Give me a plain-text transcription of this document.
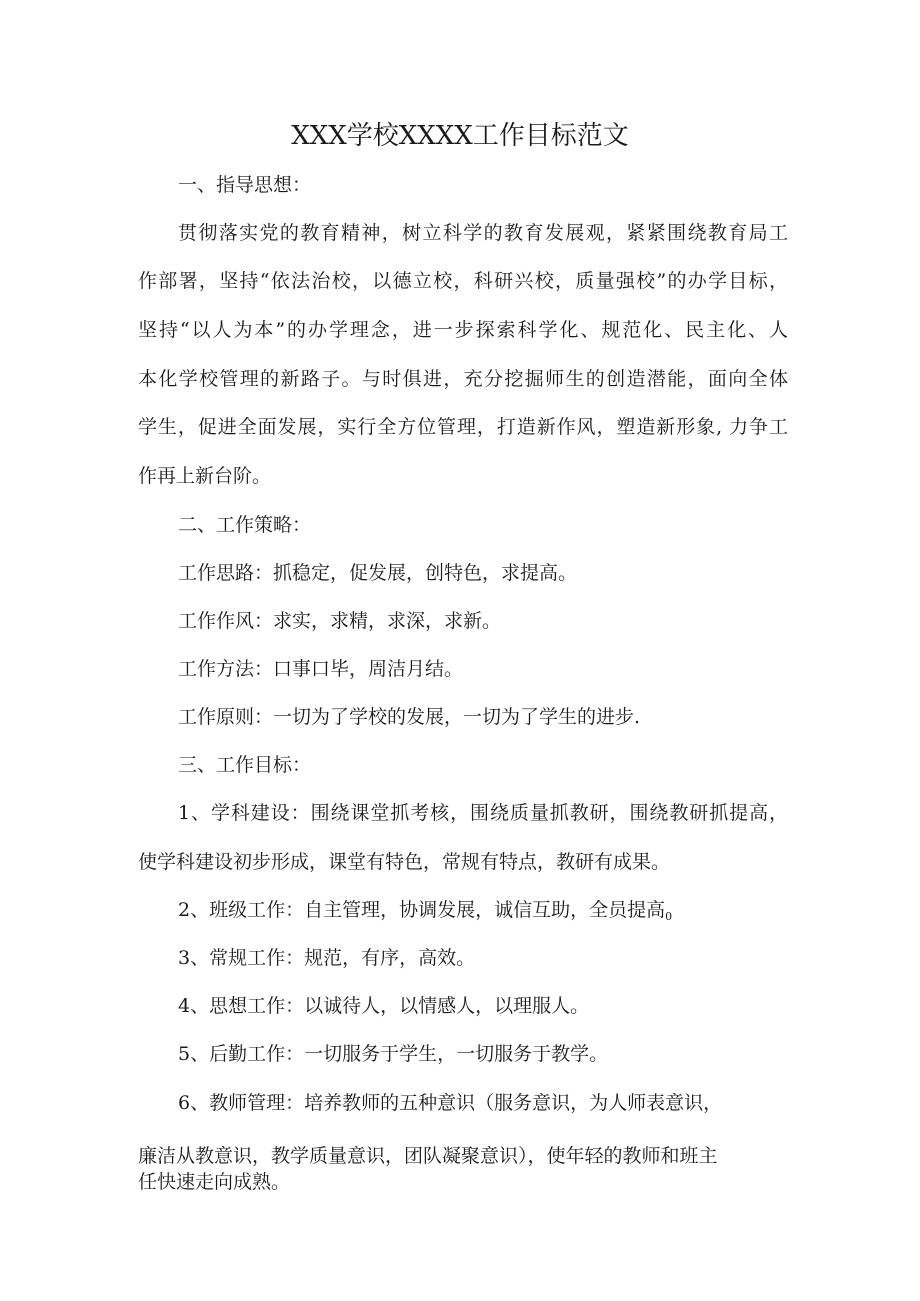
XXX学校XXXX工作目标范文
一、指导思想：
贯彻落实党的教育精神，树立科学的教育发展观，紧紧围绕教育局工
作部署，坚持“依法治校，以德立校，科研兴校，质量强校”的办学目标，
坚持“以人为本”的办学理念，进一步探索科学化、规范化、民主化、人
本化学校管理的新路子。与时俱进，充分挖掘师生的创造潜能，面向全体
学生，促进全面发展，实行全方位管理，打造新作风，塑造新形象, 力争工
作再上新台阶。
二、工作策略：
工作思路：抓稳定，促发展，创特色，求提高。
工作作风：求实，求精，求深，求新。
工作方法：口事口毕，周洁月结。
工作原则：一切为了学校的发展，一切为了学生的进步.
三、工作目标：
1、学科建设：围绕课堂抓考核，围绕质量抓教研，围绕教研抓提高，
使学科建设初步形成，课堂有特色，常规有特点，教研有成果。
2、班级工作：自主管理，协调发展，诚信互助，全员提高$_0$
3、常规工作：规范，有序，高效。
4、思想工作：以诚待人，以情感人，以理服人。
5、后勤工作：一切服务于学生，一切服务于教学。
6、教师管理：培养教师的五种意识（服务意识，为人师表意识，
廉洁从教意识，教学质量意识，团队凝聚意识），使年轻的教师和班主
任快速走向成熟。
